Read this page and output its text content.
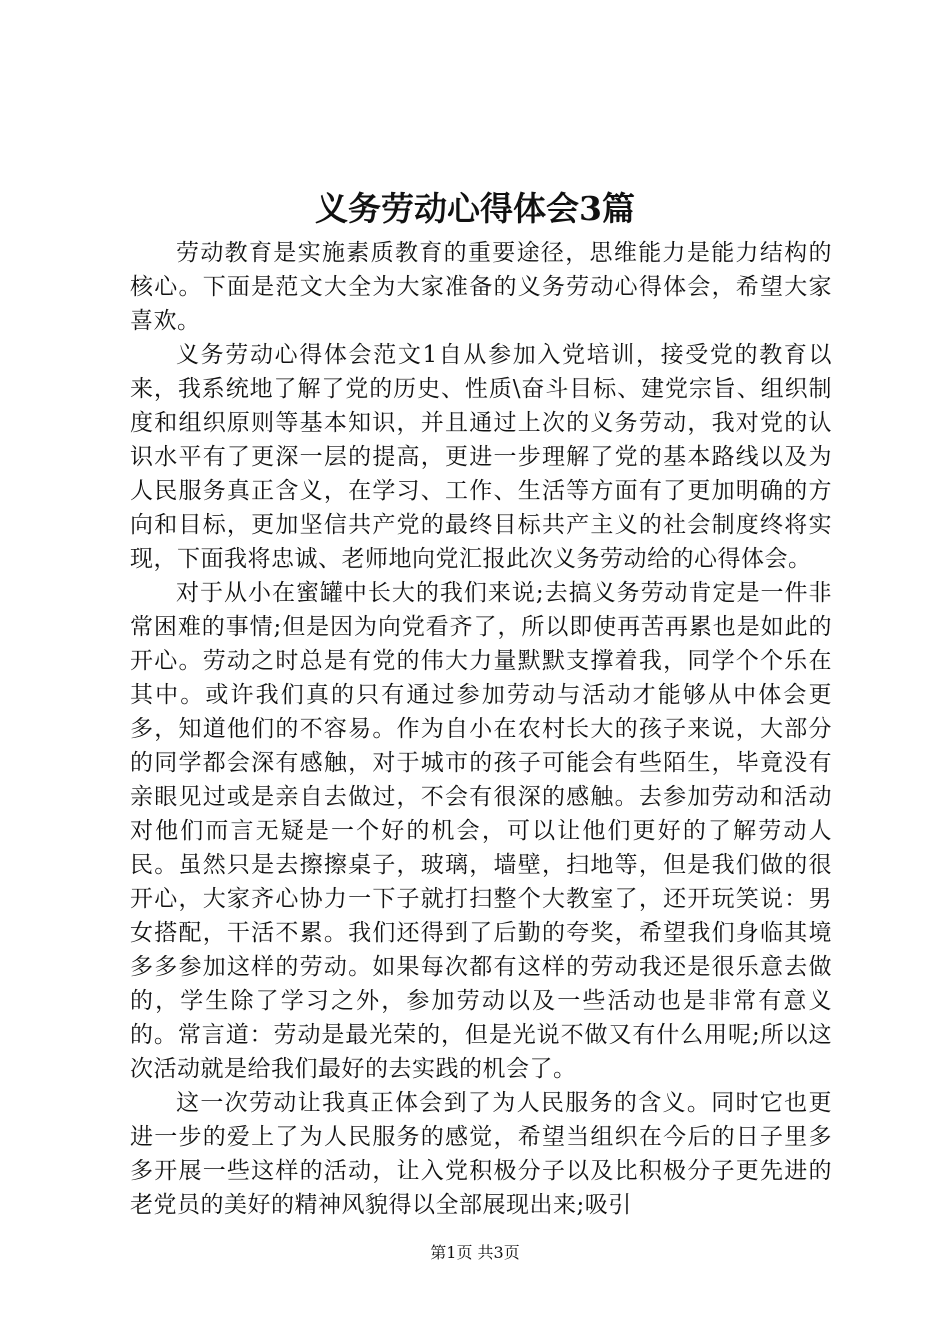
义务劳动心得体会3篇

劳动教育是实施素质教育的重要途径，思维能力是能力结构的核心。下面是范文大全为大家准备的义务劳动心得体会，希望大家喜欢。

义务劳动心得体会范文1自从参加入党培训，接受党的教育以来，我系统地了解了党的历史、性质\奋斗目标、建党宗旨、组织制度和组织原则等基本知识，并且通过上次的义务劳动，我对党的认识水平有了更深一层的提高，更进一步理解了党的基本路线以及为人民服务真正含义，在学习、工作、生活等方面有了更加明确的方向和目标，更加坚信共产党的最终目标共产主义的社会制度终将实现，下面我将忠诚、老师地向党汇报此次义务劳动给的心得体会。

对于从小在蜜罐中长大的我们来说;去搞义务劳动肯定是一件非常困难的事情;但是因为向党看齐了，所以即使再苦再累也是如此的开心。劳动之时总是有党的伟大力量默默支撑着我，同学个个乐在其中。或许我们真的只有通过参加劳动与活动才能够从中体会更多，知道他们的不容易。作为自小在农村长大的孩子来说，大部分的同学都会深有感触，对于城市的孩子可能会有些陌生，毕竟没有亲眼见过或是亲自去做过，不会有很深的感触。去参加劳动和活动对他们而言无疑是一个好的机会，可以让他们更好的了解劳动人民。虽然只是去擦擦桌子，玻璃，墙壁，扫地等，但是我们做的很开心，大家齐心协力一下子就打扫整个大教室了，还开玩笑说：男女搭配，干活不累。我们还得到了后勤的夸奖，希望我们身临其境多多参加这样的劳动。如果每次都有这样的劳动我还是很乐意去做的，学生除了学习之外，参加劳动以及一些活动也是非常有意义的。常言道：劳动是最光荣的，但是光说不做又有什么用呢;所以这次活动就是给我们最好的去实践的机会了。

这一次劳动让我真正体会到了为人民服务的含义。同时它也更进一步的爱上了为人民服务的感觉，希望当组织在今后的日子里多多开展一些这样的活动，让入党积极分子以及比积极分子更先进的老党员的美好的精神风貌得以全部展现出来;吸引

第1页 共3页
